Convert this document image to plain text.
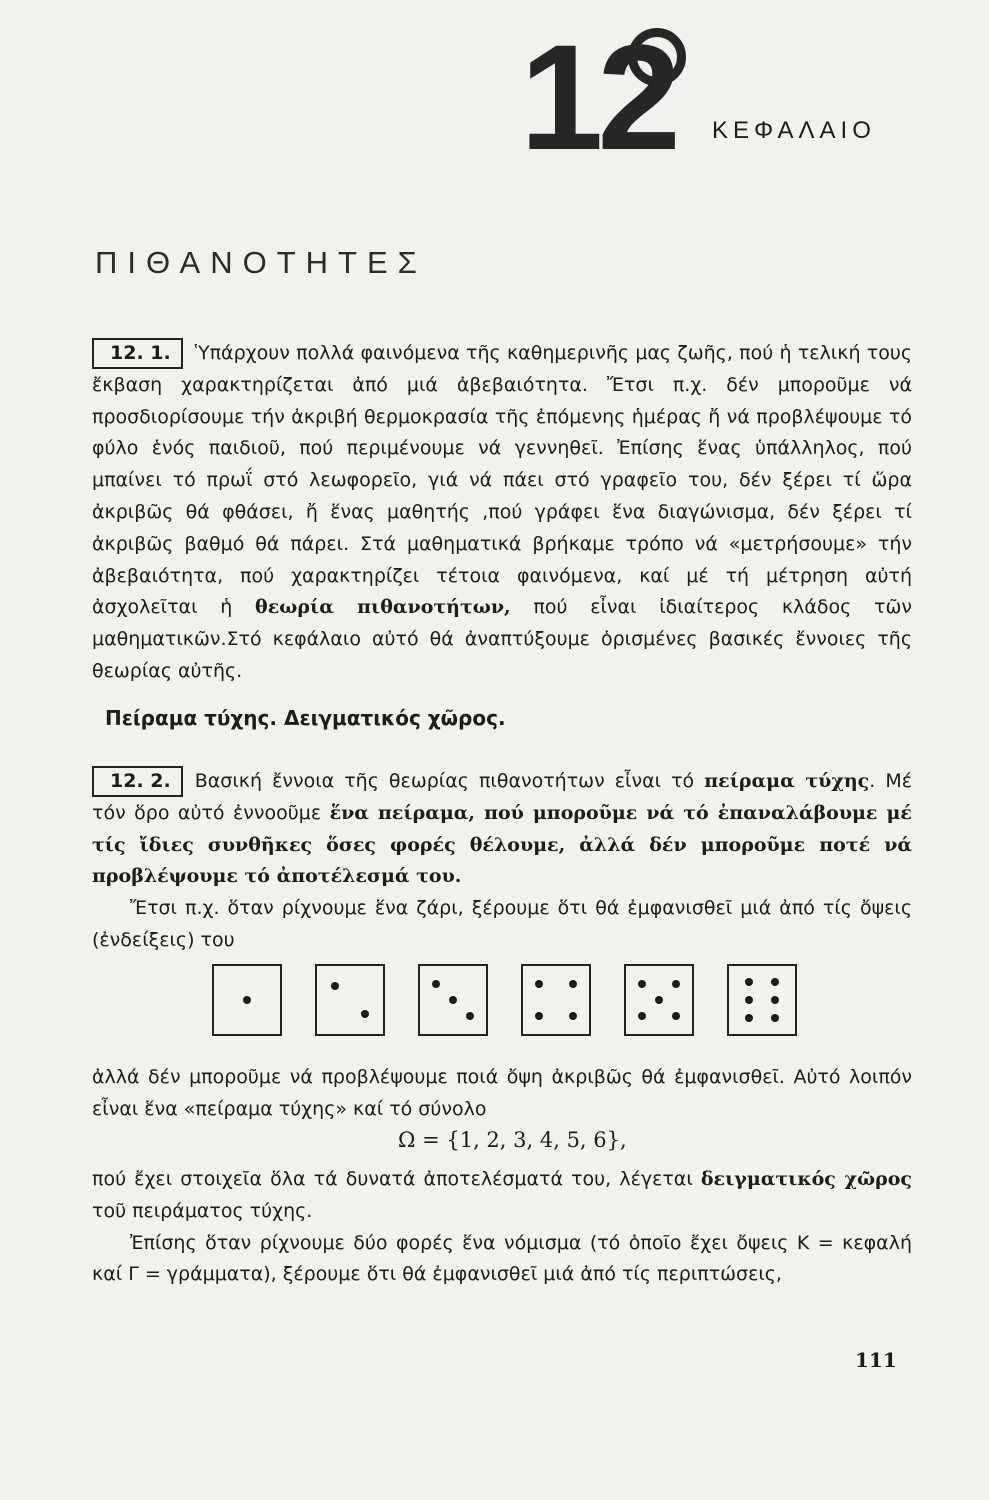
12 ΚΕΦΑΛΑΙΟ
ΠΙΘΑΝΟΤΗΤΕΣ
12. 1. Ὑπάρχουν πολλά φαινόμενα τῆς καθημερινῆς μας ζωῆς, πού ἡ τελική τους ἔκβαση χαρακτηρίζεται ἀπό μιά ἀβεβαιότητα. Ἔτσι π.χ. δέν μποροῦμε νά προσδιορίσουμε τήν ἀκριβή θερμοκρασία τῆς ἐπόμενης ἡμέρας ἤ νά προβλέψουμε τό φύλο ἑνός παιδιοῦ, πού περιμένουμε νά γεννηθεῖ. Ἐπίσης ἕνας ὑπάλληλος, πού μπαίνει τό πρωΐ στό λεωφορεῖο, γιά νά πάει στό γραφεῖο του, δέν ξέρει τί ὥρα ἀκριβῶς θά φθάσει, ἤ ἕνας μαθητής ,πού γράφει ἕνα διαγώνισμα, δέν ξέρει τί ἀκριβῶς βαθμό θά πάρει. Στά μαθηματικά βρήκαμε τρόπο νά «μετρήσουμε» τήν ἀβεβαιότητα, πού χαρακτηρίζει τέτοια φαινόμενα, καί μέ τή μέτρηση αὐτή ἀσχολεῖται ἡ θεωρία πιθανοτήτων, πού εἶναι ἰδιαίτερος κλάδος τῶν μαθηματικῶν.Στό κεφάλαιο αὐτό θά ἀναπτύξουμε ὁρισμένες βασικές ἔννοιες τῆς θεωρίας αὐτῆς.
Πείραμα τύχης. Δειγματικός χῶρος.
12. 2. Βασική ἔννοια τῆς θεωρίας πιθανοτήτων εἶναι τό πείραμα τύχης. Μέ τόν ὅρο αὐτό ἐννοοῦμε ἕνα πείραμα, πού μποροῦμε νά τό ἐπαναλάβουμε μέ τίς ἴδιες συνθῆκες ὅσες φορές θέλουμε, ἀλλά δέν μποροῦμε ποτέ νά προβλέψουμε τό ἀποτέλεσμά του.
Ἔτσι π.χ. ὅταν ρίχνουμε ἕνα ζάρι, ξέρουμε ὅτι θά ἐμφανισθεῖ μιά ἀπό τίς ὄψεις (ἐνδείξεις) του
ἀλλά δέν μποροῦμε νά προβλέψουμε ποιά ὄψη ἀκριβῶς θά ἐμφανισθεῖ. Αὐτό λοιπόν εἶναι ἕνα «πείραμα τύχης» καί τό σύνολο
Ω = {1, 2, 3, 4, 5, 6},
πού ἔχει στοιχεῖα ὅλα τά δυνατά ἀποτελέσματά του, λέγεται δειγματικός χῶρος τοῦ πειράματος τύχης.
Ἐπίσης ὅταν ρίχνουμε δύο φορές ἕνα νόμισμα (τό ὁποῖο ἔχει ὄψεις Κ = κεφαλή καί Γ = γράμματα), ξέρουμε ὅτι θά ἐμφανισθεῖ μιά ἀπό τίς περιπτώσεις,
111
